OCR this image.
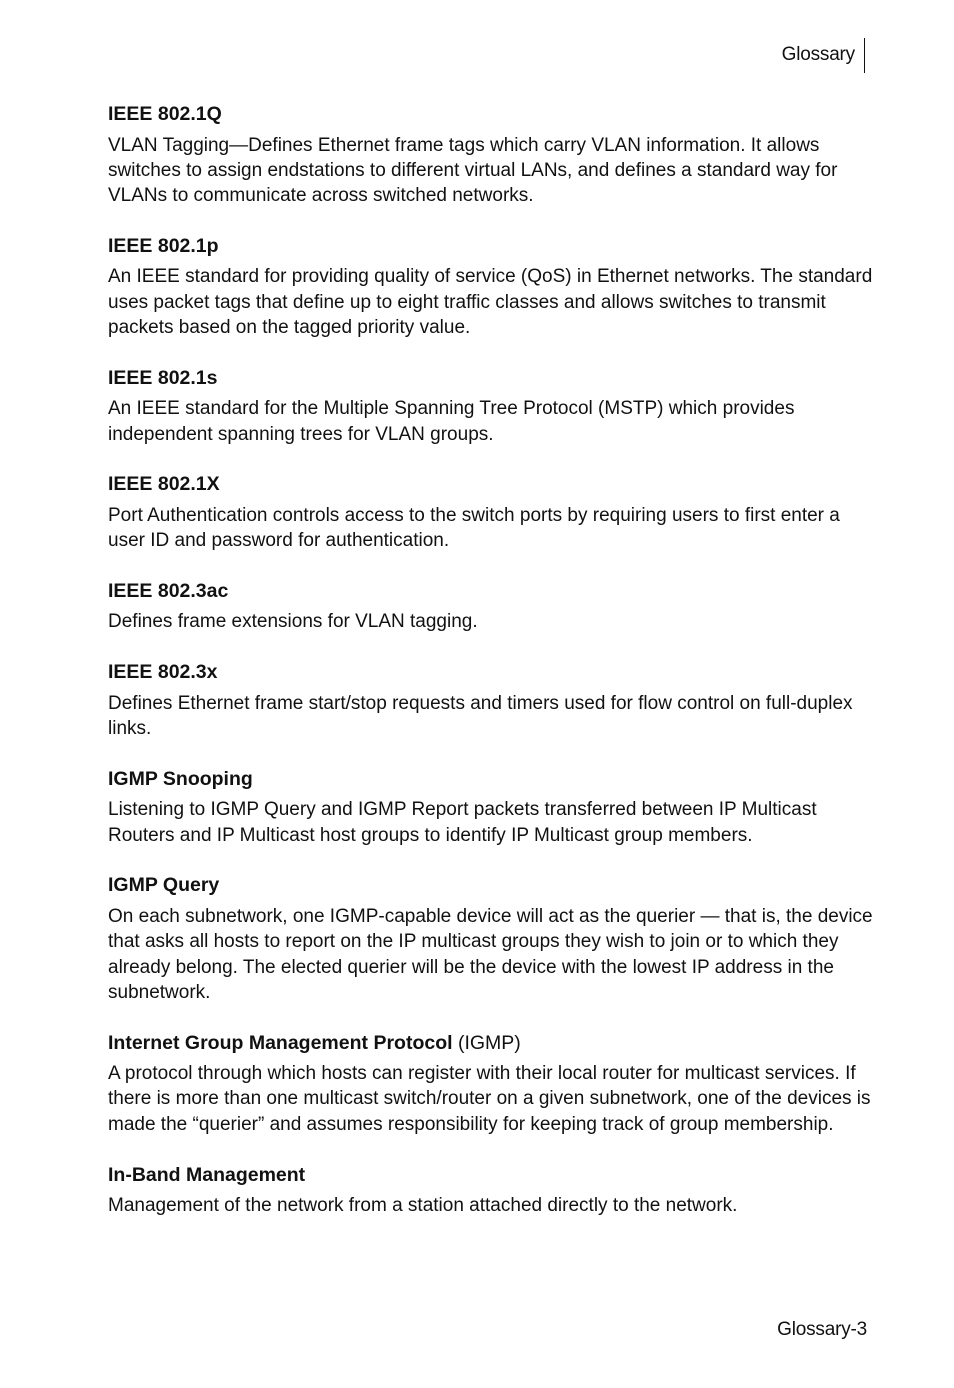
Glossary
IEEE 802.1Q

VLAN Tagging—Defines Ethernet frame tags which carry VLAN information. It allows switches to assign endstations to different virtual LANs, and defines a standard way for VLANs to communicate across switched networks.

IEEE 802.1p

An IEEE standard for providing quality of service (QoS) in Ethernet networks. The standard uses packet tags that define up to eight traffic classes and allows switches to transmit packets based on the tagged priority value.

IEEE 802.1s

An IEEE standard for the Multiple Spanning Tree Protocol (MSTP) which provides independent spanning trees for VLAN groups.

IEEE 802.1X

Port Authentication controls access to the switch ports by requiring users to first enter a user ID and password for authentication.

IEEE 802.3ac

Defines frame extensions for VLAN tagging.

IEEE 802.3x

Defines Ethernet frame start/stop requests and timers used for flow control on full-duplex links.

IGMP Snooping

Listening to IGMP Query and IGMP Report packets transferred between IP Multicast Routers and IP Multicast host groups to identify IP Multicast group members.

IGMP Query

On each subnetwork, one IGMP-capable device will act as the querier — that is, the device that asks all hosts to report on the IP multicast groups they wish to join or to which they already belong. The elected querier will be the device with the lowest IP address in the subnetwork.

Internet Group Management Protocol (IGMP)

A protocol through which hosts can register with their local router for multicast services. If there is more than one multicast switch/router on a given subnetwork, one of the devices is made the “querier” and assumes responsibility for keeping track of group membership.

In-Band Management

Management of the network from a station attached directly to the network.

Glossary-3
